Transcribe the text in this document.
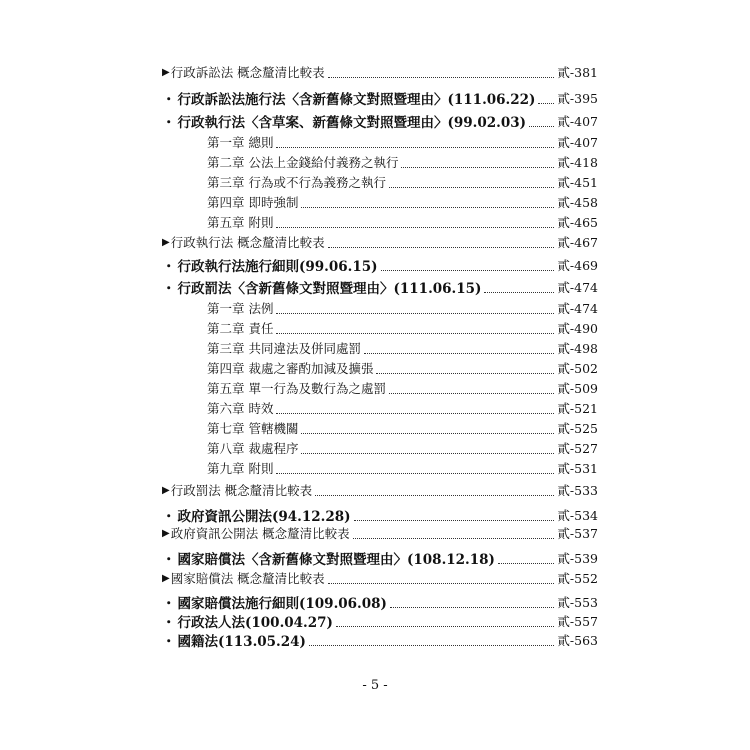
▶ 行政訴訟法 概念釐清比較表	貳-381
・ 行政訴訟法施行法〈含新舊條文對照暨理由〉(111.06.22) 貳-395
・ 行政執行法〈含草案、新舊條文對照暨理由〉(99.02.03)	貳-407
第一章 總則	貳-407
第二章 公法上金錢給付義務之執行	貳-418
第三章 行為或不行為義務之執行	貳-451
第四章 即時強制	貳-458
第五章 附則	貳-465
▶ 行政執行法 概念釐清比較表	貳-467
・ 行政執行法施行細則(99.06.15)	貳-469
・ 行政罰法〈含新舊條文對照暨理由〉(111.06.15)	貳-474
第一章 法例	貳-474
第二章 責任	貳-490
第三章 共同違法及併同處罰	貳-498
第四章 裁處之審酌加減及擴張	貳-502
第五章 單一行為及數行為之處罰	貳-509
第六章 時效	貳-521
第七章 管轄機關	貳-525
第八章 裁處程序	貳-527
第九章 附則	貳-531
▶ 行政罰法 概念釐清比較表	貳-533
・ 政府資訊公開法(94.12.28)	貳-534
▶ 政府資訊公開法 概念釐清比較表	貳-537
・ 國家賠償法〈含新舊條文對照暨理由〉(108.12.18)	貳-539
▶ 國家賠償法 概念釐清比較表	貳-552
・ 國家賠償法施行細則(109.06.08)	貳-553
・ 行政法人法(100.04.27)	貳-557
・ 國籍法(113.05.24)	貳-563
- 5 -
